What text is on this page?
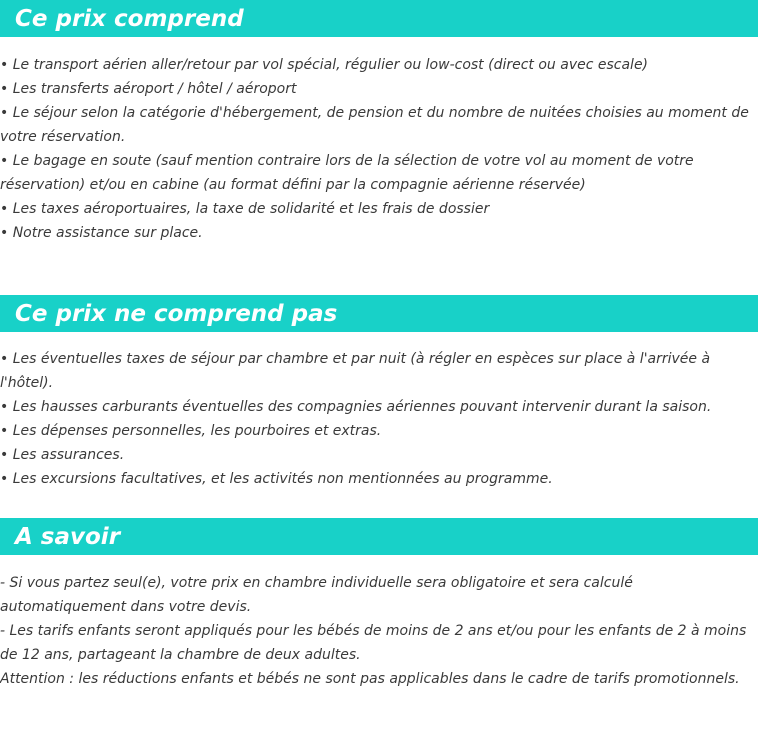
Ce prix comprend

• Le transport aérien aller/retour par vol spécial, régulier ou low-cost (direct ou avec escale)

• Les transferts aéroport / hôtel / aéroport

• Le séjour selon la catégorie d'hébergement, de pension et du nombre de nuitées choisies au moment de votre réservation.

• Le bagage en soute (sauf mention contraire lors de la sélection de votre vol au moment de votre réservation) et/ou en cabine (au format défini par la compagnie aérienne réservée)

• Les taxes aéroportuaires, la taxe de solidarité et les frais de dossier

• Notre assistance sur place.

Ce prix ne comprend pas

• Les éventuelles taxes de séjour par chambre et par nuit (à régler en espèces sur place à l'arrivée à l'hôtel).

• Les hausses carburants éventuelles des compagnies aériennes pouvant intervenir durant la saison.

• Les dépenses personnelles, les pourboires et extras.

• Les assurances.

• Les excursions facultatives, et les activités non mentionnées au programme.

A savoir

- Si vous partez seul(e), votre prix en chambre individuelle sera obligatoire et sera calculé automatiquement dans votre devis.

- Les tarifs enfants seront appliqués pour les bébés de moins de 2 ans et/ou pour les enfants de 2 à moins de 12 ans, partageant la chambre de deux adultes.

Attention : les réductions enfants et bébés ne sont pas applicables dans le cadre de tarifs promotionnels.
